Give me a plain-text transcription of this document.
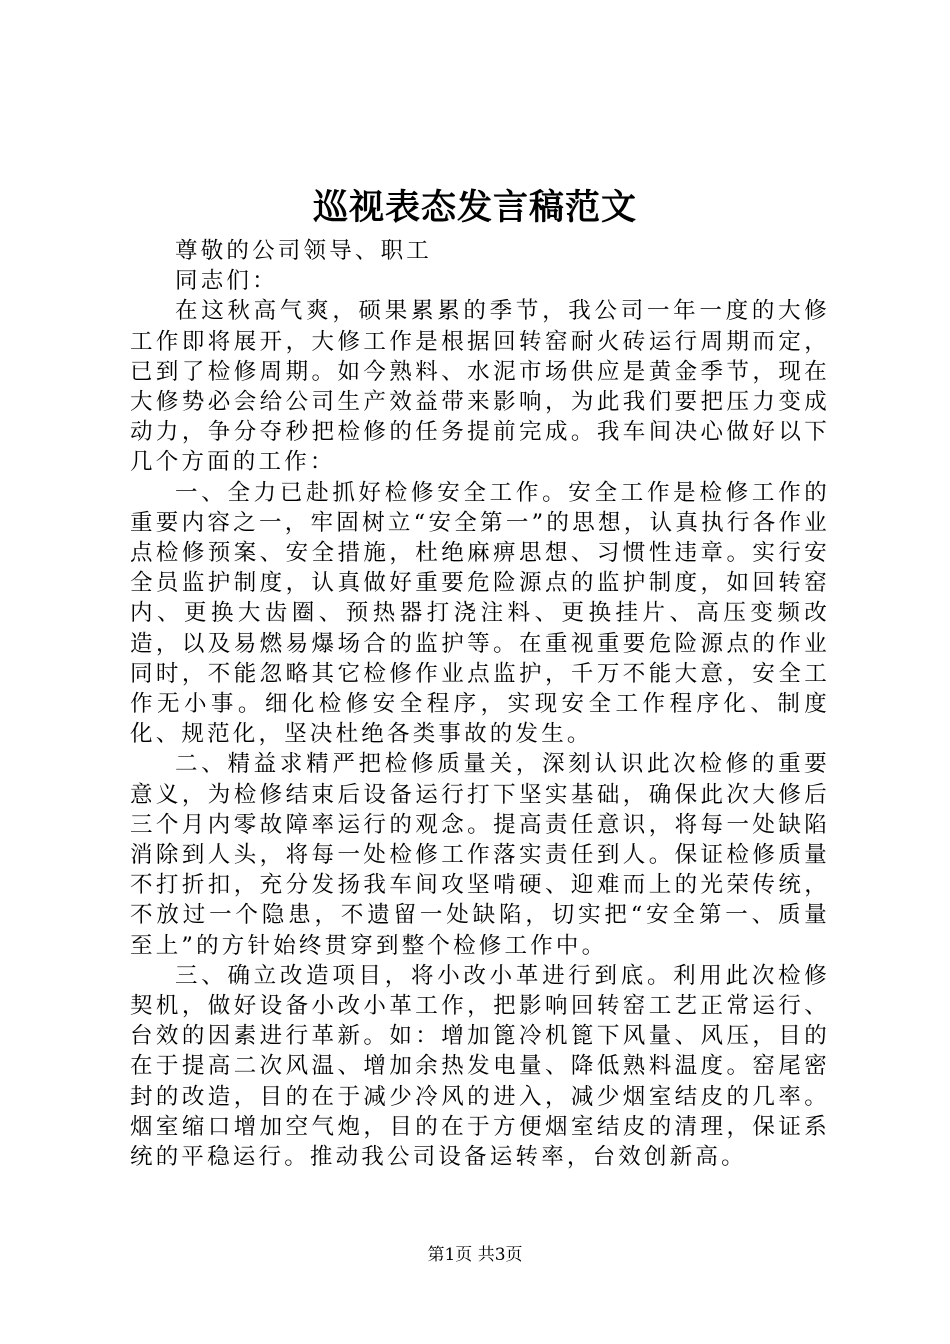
巡视表态发言稿范文

尊敬的公司领导、职工

同志们：

在这秋高气爽，硕果累累的季节，我公司一年一度的大修工作即将展开，大修工作是根据回转窑耐火砖运行周期而定，已到了检修周期。如今熟料、水泥市场供应是黄金季节，现在大修势必会给公司生产效益带来影响，为此我们要把压力变成动力，争分夺秒把检修的任务提前完成。我车间决心做好以下几个方面的工作：

一、全力已赴抓好检修安全工作。安全工作是检修工作的重要内容之一，牢固树立“安全第一”的思想，认真执行各作业点检修预案、安全措施，杜绝麻痹思想、习惯性违章。实行安全员监护制度，认真做好重要危险源点的监护制度，如回转窑内、更换大齿圈、预热器打浇注料、更换挂片、高压变频改造，以及易燃易爆场合的监护等。在重视重要危险源点的作业同时，不能忽略其它检修作业点监护，千万不能大意，安全工作无小事。细化检修安全程序，实现安全工作程序化、制度化、规范化，坚决杜绝各类事故的发生。

二、精益求精严把检修质量关，深刻认识此次检修的重要意义，为检修结束后设备运行打下坚实基础，确保此次大修后三个月内零故障率运行的观念。提高责任意识，将每一处缺陷消除到人头，将每一处检修工作落实责任到人。保证检修质量不打折扣，充分发扬我车间攻坚啃硬、迎难而上的光荣传统，不放过一个隐患，不遗留一处缺陷，切实把“安全第一、质量至上”的方针始终贯穿到整个检修工作中。

三、确立改造项目，将小改小革进行到底。利用此次检修契机，做好设备小改小革工作，把影响回转窑工艺正常运行、台效的因素进行革新。如：增加篦冷机篦下风量、风压，目的在于提高二次风温、增加余热发电量、降低熟料温度。窑尾密封的改造，目的在于减少冷风的进入，减少烟室结皮的几率。烟室缩口增加空气炮，目的在于方便烟室结皮的清理，保证系统的平稳运行。推动我公司设备运转率，台效创新高。

第1页 共3页
